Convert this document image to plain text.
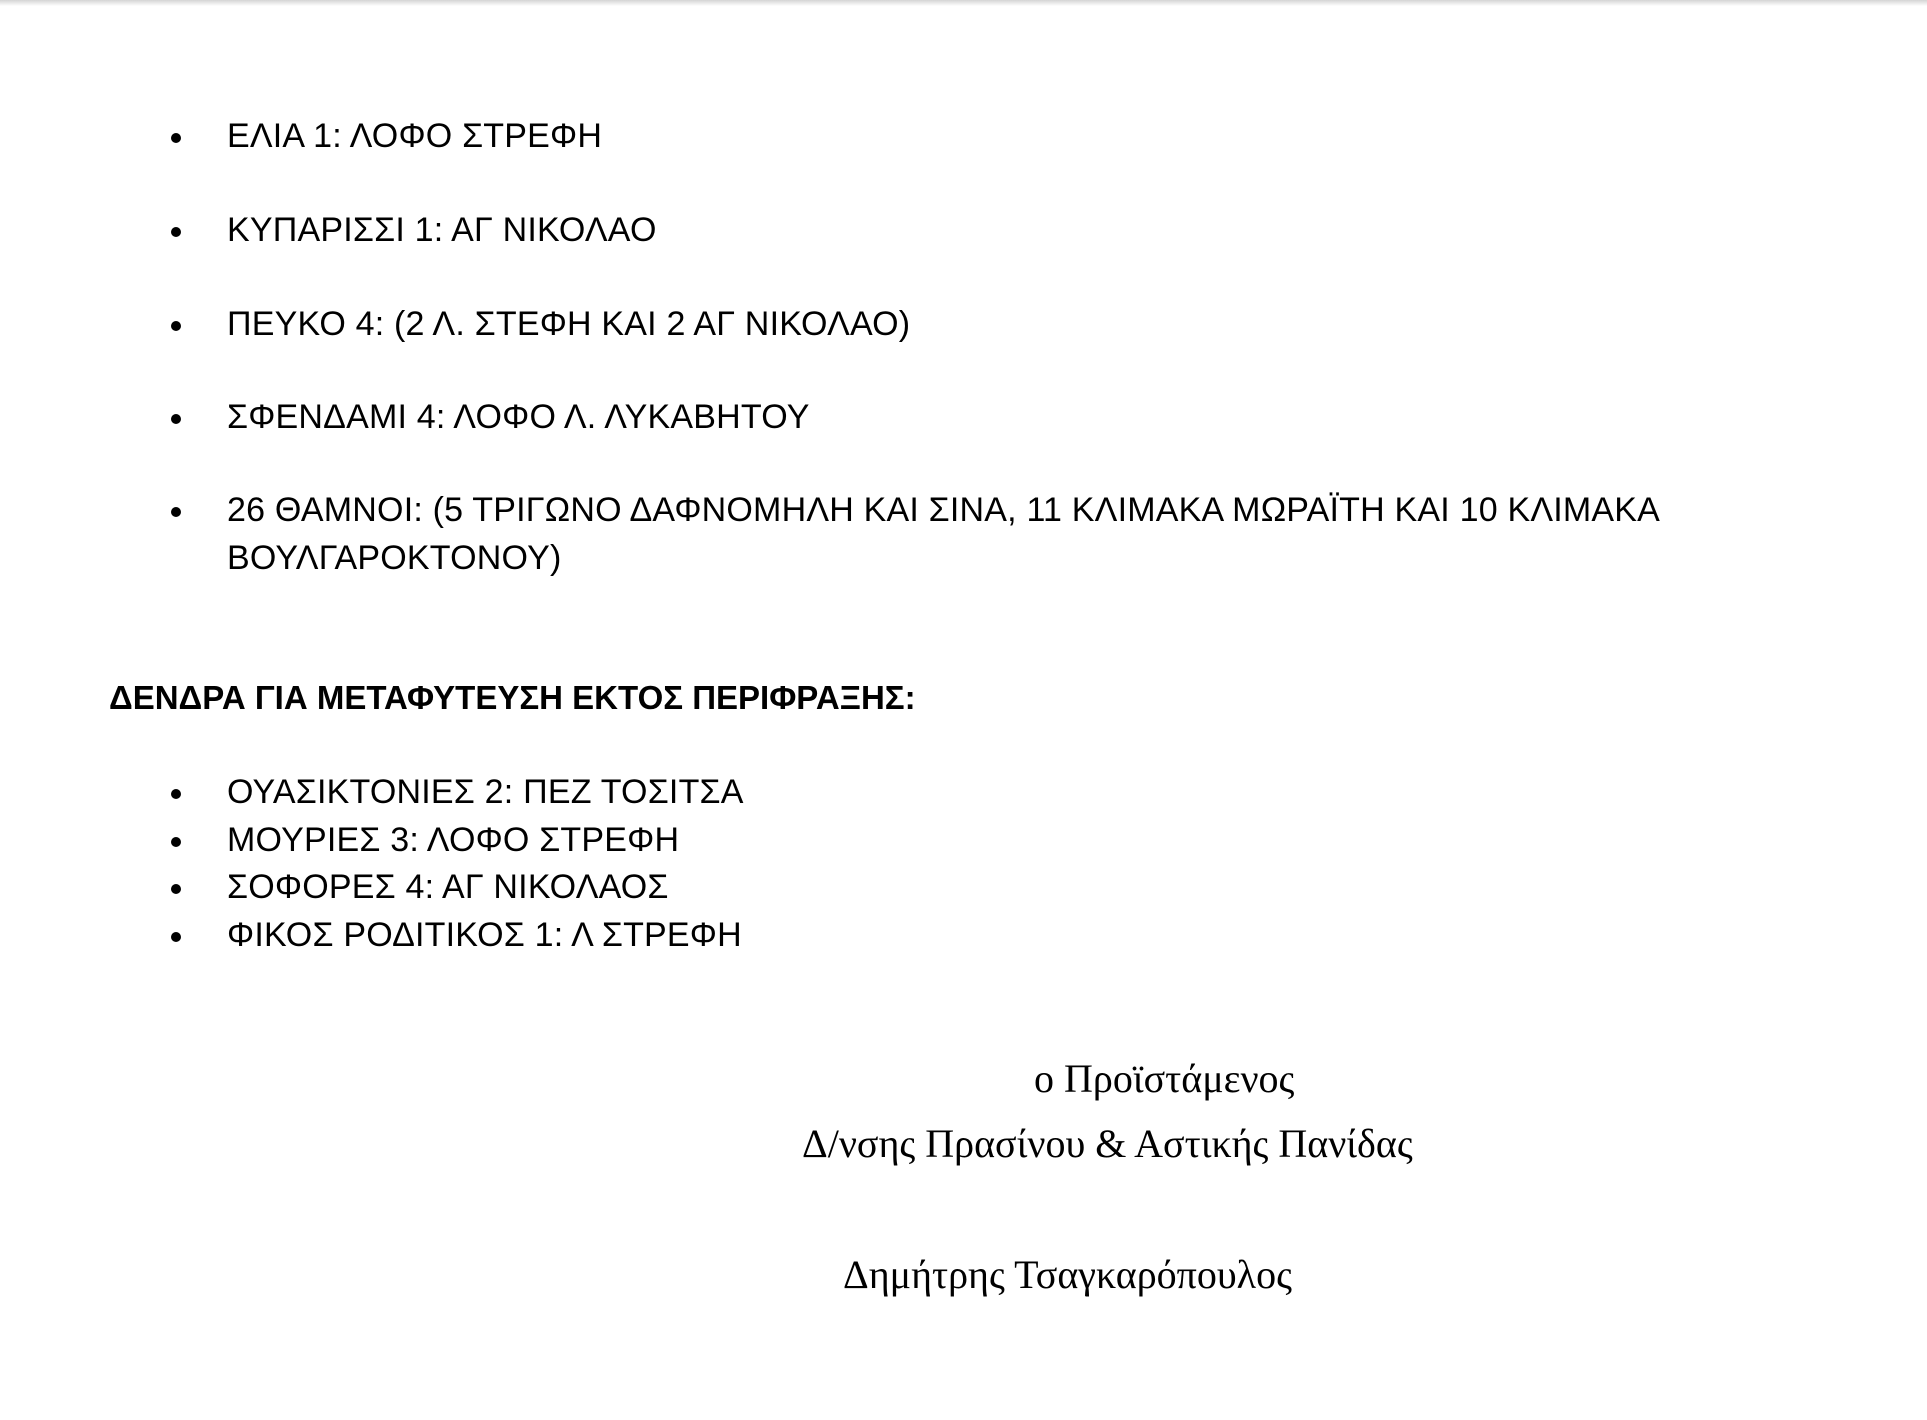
ΕΛΙΑ 1: ΛΟΦΟ ΣΤΡΕΦΗ
ΚΥΠΑΡΙΣΣΙ 1: ΑΓ ΝΙΚΟΛΑΟ
ΠΕΥΚΟ 4: (2 Λ. ΣΤΕΦΗ ΚΑΙ 2 ΑΓ ΝΙΚΟΛΑΟ)
ΣΦΕΝΔΑΜΙ 4: ΛΟΦΟ Λ. ΛΥΚΑΒΗΤΟΥ
26 ΘΑΜΝΟΙ: (5 ΤΡΙΓΩΝΟ ΔΑΦΝΟΜΗΛΗ ΚΑΙ ΣΙΝΑ, 11 ΚΛΙΜΑΚΑ ΜΩΡΑΪΤΗ ΚΑΙ 10 ΚΛΙΜΑΚΑ ΒΟΥΛΓΑΡΟΚΤΟΝΟΥ)
ΔΕΝΔΡΑ ΓΙΑ ΜΕΤΑΦΥΤΕΥΣΗ ΕΚΤΟΣ ΠΕΡΙΦΡΑΞΗΣ:
ΟΥΑΣΙΚΤΟΝΙΕΣ 2: ΠΕΖ ΤΟΣΙΤΣΑ
ΜΟΥΡΙΕΣ 3: ΛΟΦΟ ΣΤΡΕΦΗ
ΣΟΦΟΡΕΣ 4: ΑΓ ΝΙΚΟΛΑΟΣ
ΦΙΚΟΣ ΡΟΔΙΤΙΚΟΣ 1: Λ ΣΤΡΕΦΗ
ο Προϊστάμενος
Δ/νσης Πρασίνου & Αστικής Πανίδας
Δημήτρης Τσαγκαρόπουλος
